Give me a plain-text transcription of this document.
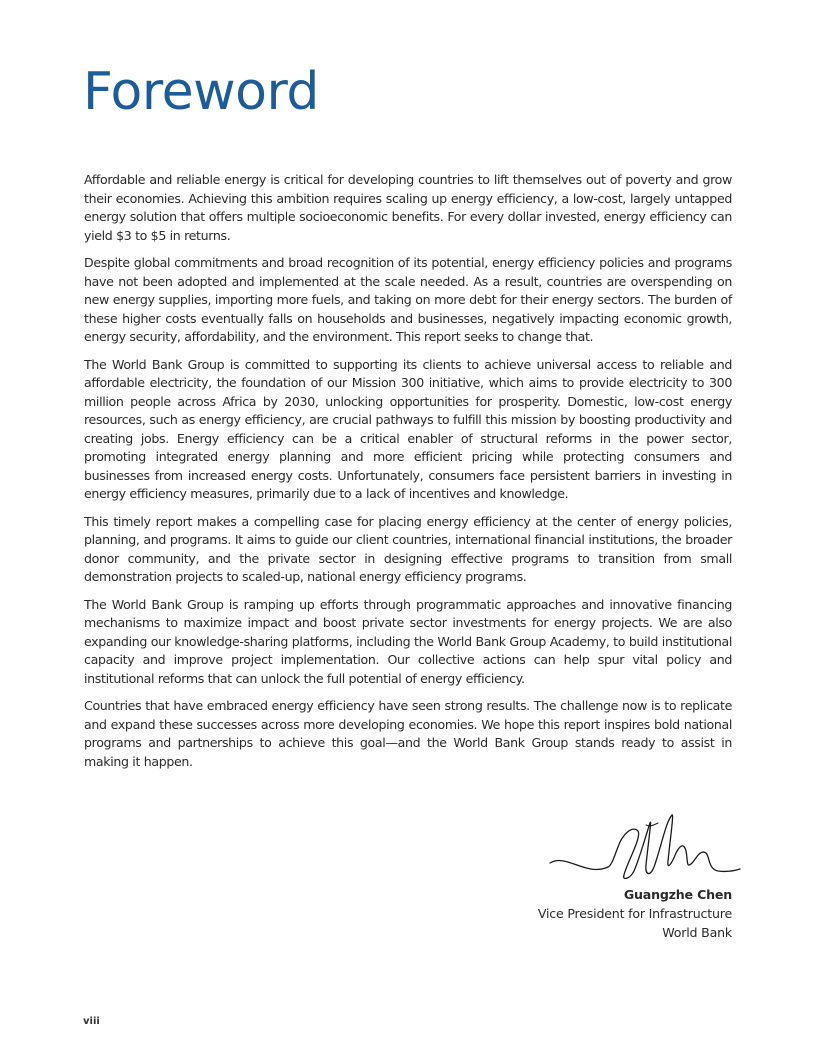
Foreword

Affordable and reliable energy is critical for developing countries to lift themselves out of poverty and grow their economies. Achieving this ambition requires scaling up energy efficiency, a low-cost, largely untapped energy solution that offers multiple socioeconomic benefits. For every dollar invested, energy efficiency can yield $3 to $5 in returns.

Despite global commitments and broad recognition of its potential, energy efficiency policies and programs have not been adopted and implemented at the scale needed. As a result, countries are overspending on new energy supplies, importing more fuels, and taking on more debt for their energy sectors. The burden of these higher costs eventually falls on households and businesses, negatively impacting economic growth, energy security, affordability, and the environment. This report seeks to change that.

The World Bank Group is committed to supporting its clients to achieve universal access to reliable and affordable electricity, the foundation of our Mission 300 initiative, which aims to provide electricity to 300 million people across Africa by 2030, unlocking opportunities for prosperity. Domestic, low-cost energy resources, such as energy efficiency, are crucial pathways to fulfill this mission by boosting productivity and creating jobs. Energy efficiency can be a critical enabler of structural reforms in the power sector, promoting integrated energy planning and more efficient pricing while protecting consumers and businesses from increased energy costs. Unfortunately, consumers face persistent barriers in investing in energy efficiency measures, primarily due to a lack of incentives and knowledge.

This timely report makes a compelling case for placing energy efficiency at the center of energy policies, planning, and programs. It aims to guide our client countries, international financial institutions, the broader donor community, and the private sector in designing effective programs to transition from small demonstration projects to scaled-up, national energy efficiency programs.

The World Bank Group is ramping up efforts through programmatic approaches and innovative financing mechanisms to maximize impact and boost private sector investments for energy projects. We are also expanding our knowledge-sharing platforms, including the World Bank Group Academy, to build institutional capacity and improve project implementation. Our collective actions can help spur vital policy and institutional reforms that can unlock the full potential of energy efficiency.

Countries that have embraced energy efficiency have seen strong results. The challenge now is to replicate and expand these successes across more developing economies. We hope this report inspires bold national programs and partnerships to achieve this goal—and the World Bank Group stands ready to assist in making it happen.

Guangzhe Chen
Vice President for Infrastructure
World Bank
viii
